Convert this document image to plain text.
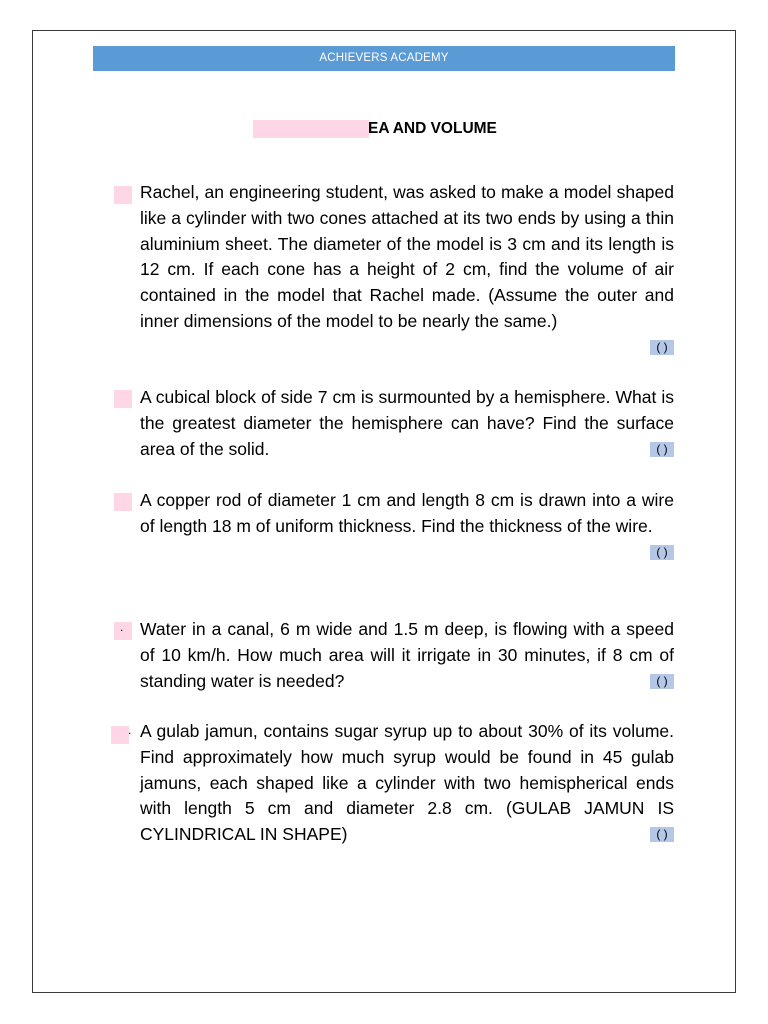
ACHIEVERS ACADEMY
EA AND VOLUME

Rachel, an engineering student, was asked to make a model shaped like a cylinder with two cones attached at its two ends by using a thin aluminium sheet. The diameter of the model is 3 cm and its length is 12 cm. If each cone has a height of 2 cm, find the volume of air contained in the model that Rachel made. (Assume the outer and inner dimensions of the model to be nearly the same.)

( )

A cubical block of side 7 cm is surmounted by a hemisphere. What is the greatest diameter the hemisphere can have? Find the surface area of the solid.	( )

A copper rod of diameter 1 cm and length 8 cm is drawn into a wire of length 18 m of uniform thickness. Find the thickness of the wire.

( )
. Water in a canal, 6 m wide and 1.5 m deep, is flowing with a speed of 10 km/h. How much area will it irrigate in 30 minutes, if 8 cm of standing water is needed?	( )
. A gulab jamun, contains sugar syrup up to about 30% of its volume. Find approximately how much syrup would be found in 45 gulab jamuns, each shaped like a cylinder with two hemispherical ends with length 5 cm and diameter 2.8 cm. (GULAB JAMUN IS CYLINDRICAL IN SHAPE)	( )
